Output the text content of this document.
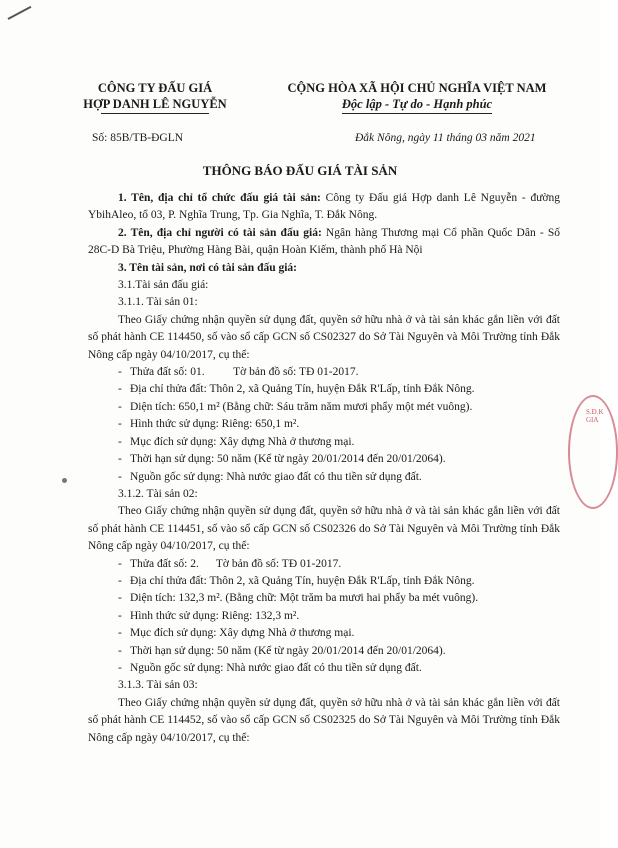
S.Đ.K GIA
CÔNG TY ĐẤU GIÁ
HỢP DANH LÊ NGUYỄN
CỘNG HÒA XÃ HỘI CHỦ NGHĨA VIỆT NAM
Độc lập - Tự do - Hạnh phúc
Số: 85B/TB-ĐGLN	Đắk Nông, ngày 11 tháng 03 năm 2021
THÔNG BÁO ĐẤU GIÁ TÀI SẢN

1. Tên, địa chỉ tổ chức đấu giá tài sản: Công ty Đấu giá Hợp danh Lê Nguyễn - đường YbihAleo, tổ 03, P. Nghĩa Trung, Tp. Gia Nghĩa, T. Đắk Nông.

2. Tên, địa chỉ người có tài sản đấu giá: Ngân hàng Thương mại Cổ phần Quốc Dân - Số 28C-D Bà Triệu, Phường Hàng Bài, quận Hoàn Kiếm, thành phố Hà Nội

3. Tên tài sản, nơi có tài sản đấu giá:

3.1.Tài sản đấu giá:

3.1.1. Tài sản 01:

Theo Giấy chứng nhận quyền sử dụng đất, quyền sở hữu nhà ở và tài sản khác gắn liền với đất số phát hành CE 114450, số vào sổ cấp GCN số CS02327 do Sở Tài Nguyên và Môi Trường tỉnh Đắk Nông cấp ngày 04/10/2017, cụ thể:

- Thửa đất số: 01.          Tờ bản đồ số: TĐ 01-2017.

- Địa chỉ thửa đất: Thôn 2, xã Quảng Tín, huyện Đắk R'Lấp, tỉnh Đắk Nông.

- Diện tích: 650,1 m² (Bằng chữ: Sáu trăm năm mươi phẩy một mét vuông).

- Hình thức sử dụng: Riêng: 650,1 m².

- Mục đích sử dụng: Xây dựng Nhà ở thương mại.

- Thời hạn sử dụng: 50 năm (Kể từ ngày 20/01/2014 đến 20/01/2064).

- Nguồn gốc sử dụng: Nhà nước giao đất có thu tiền sử dụng đất.

3.1.2. Tài sản 02:

Theo Giấy chứng nhận quyền sử dụng đất, quyền sở hữu nhà ở và tài sản khác gắn liền với đất số phát hành CE 114451, số vào sổ cấp GCN số CS02326 do Sở Tài Nguyên và Môi Trường tỉnh Đắk Nông cấp ngày 04/10/2017, cụ thể:

- Thửa đất số: 2.      Tờ bản đồ số: TĐ 01-2017.

- Địa chỉ thửa đất: Thôn 2, xã Quảng Tín, huyện Đắk R'Lấp, tỉnh Đắk Nông.

- Diện tích: 132,3 m². (Bằng chữ: Một trăm ba mươi hai phẩy ba mét vuông).

- Hình thức sử dụng: Riêng: 132,3 m².

- Mục đích sử dụng: Xây dựng Nhà ở thương mại.

- Thời hạn sử dụng: 50 năm (Kể từ ngày 20/01/2014 đến 20/01/2064).

- Nguồn gốc sử dụng: Nhà nước giao đất có thu tiền sử dụng đất.

3.1.3. Tài sản 03:

Theo Giấy chứng nhận quyền sử dụng đất, quyền sở hữu nhà ở và tài sản khác gắn liền với đất số phát hành CE 114452, số vào sổ cấp GCN số CS02325 do Sở Tài Nguyên và Môi Trường tỉnh Đắk Nông cấp ngày 04/10/2017, cụ thể:
